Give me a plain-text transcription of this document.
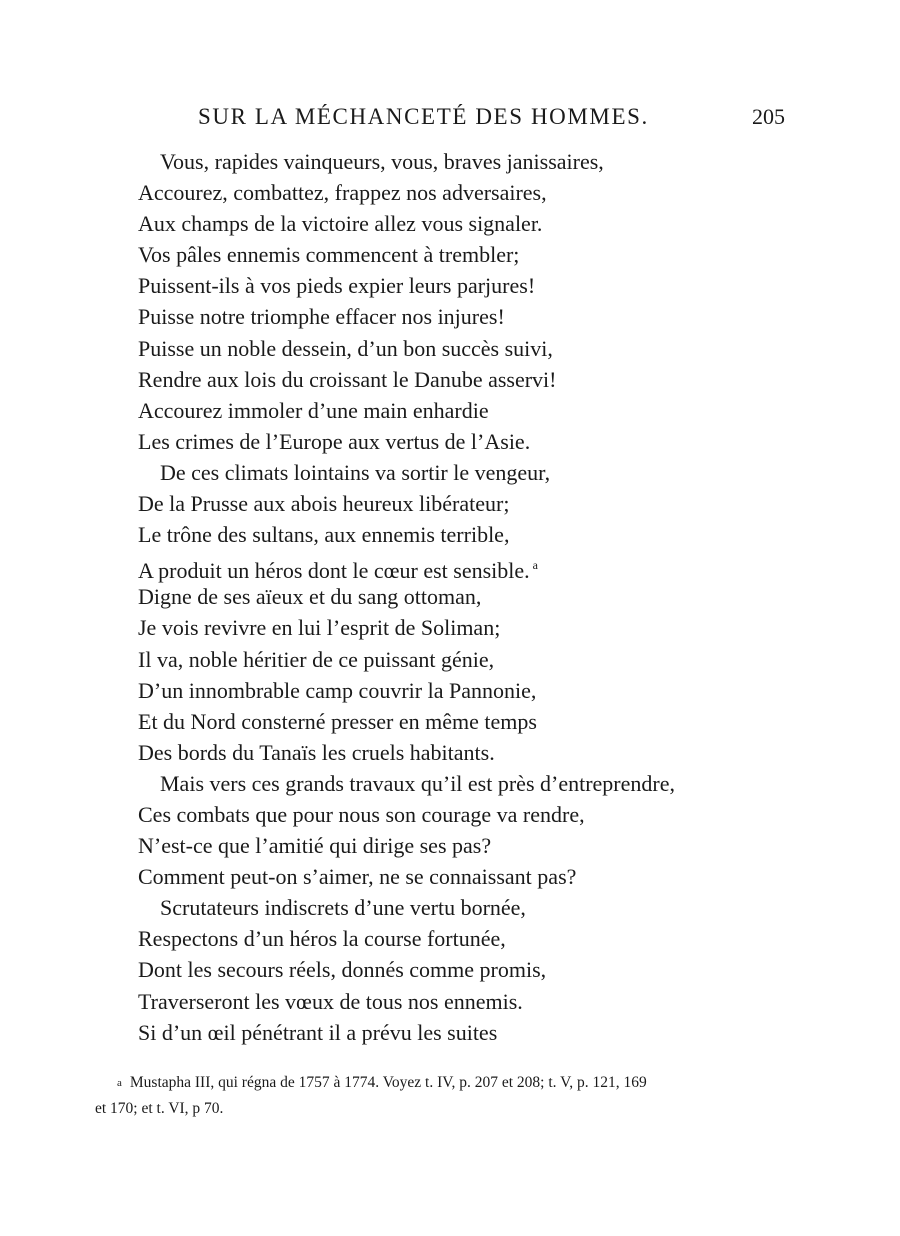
SUR LA MÉCHANCETÉ DES HOMMES.	205
Vous, rapides vainqueurs, vous, braves janissaires,
Accourez, combattez, frappez nos adversaires,
Aux champs de la victoire allez vous signaler.
Vos pâles ennemis commencent à trembler;
Puissent-ils à vos pieds expier leurs parjures!
Puisse notre triomphe effacer nos injures!
Puisse un noble dessein, d’un bon succès suivi,
Rendre aux lois du croissant le Danube asservi!
Accourez immoler d’une main enhardie
Les crimes de l’Europe aux vertus de l’Asie.
De ces climats lointains va sortir le vengeur,
De la Prusse aux abois heureux libérateur;
Le trône des sultans, aux ennemis terrible,
A produit un héros dont le cœur est sensible. $^a$
Digne de ses aïeux et du sang ottoman,
Je vois revivre en lui l’esprit de Soliman;
Il va, noble héritier de ce puissant génie,
D’un innombrable camp couvrir la Pannonie,
Et du Nord consterné presser en même temps
Des bords du Tanaïs les cruels habitants.
Mais vers ces grands travaux qu’il est près d’entreprendre,
Ces combats que pour nous son courage va rendre,
N’est-ce que l’amitié qui dirige ses pas?
Comment peut-on s’aimer, ne se connaissant pas?
Scrutateurs indiscrets d’une vertu bornée,
Respectons d’un héros la course fortunée,
Dont les secours réels, donnés comme promis,
Traverseront les vœux de tous nos ennemis.
Si d’un œil pénétrant il a prévu les suites
a Mustapha III, qui régna de 1757 à 1774. Voyez t. IV, p. 207 et 208; t. V, p. 121, 169
et 170; et t. VI, p 70.
